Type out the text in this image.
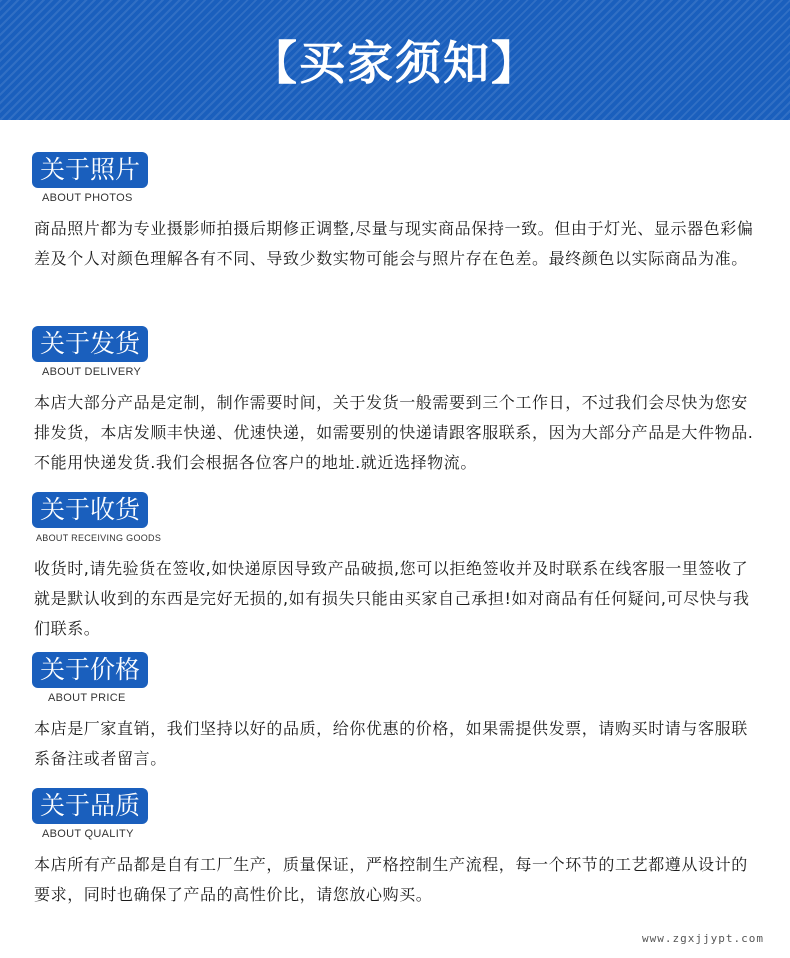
【买家须知】
关于照片
ABOUT PHOTOS
商品照片都为专业摄影师拍摄后期修正调整,尽量与现实商品保持一致。但由于灯光、显示器色彩偏差及个人对颜色理解各有不同、导致少数实物可能会与照片存在色差。最终颜色以实际商品为准。
关于发货
ABOUT DELIVERY
本店大部分产品是定制，制作需要时间，关于发货一般需要到三个工作日，不过我们会尽快为您安排发货，本店发顺丰快递、优速快递，如需要别的快递请跟客服联系，因为大部分产品是大件物品.不能用快递发货.我们会根据各位客户的地址.就近选择物流。
关于收货
ABOUT RECEIVING GOODS
收货时,请先验货在签收,如快递原因导致产品破损,您可以拒绝签收并及时联系在线客服一里签收了就是默认收到的东西是完好无损的,如有损失只能由买家自己承担!如对商品有任何疑问,可尽快与我们联系。
关于价格
ABOUT PRICE
本店是厂家直销，我们坚持以好的品质，给你优惠的价格，如果需提供发票，请购买时请与客服联系备注或者留言。
关于品质
ABOUT QUALITY
本店所有产品都是自有工厂生产，质量保证，严格控制生产流程，每一个环节的工艺都遵从设计的要求，同时也确保了产品的高性价比，请您放心购买。
www.zgxjjypt.com
